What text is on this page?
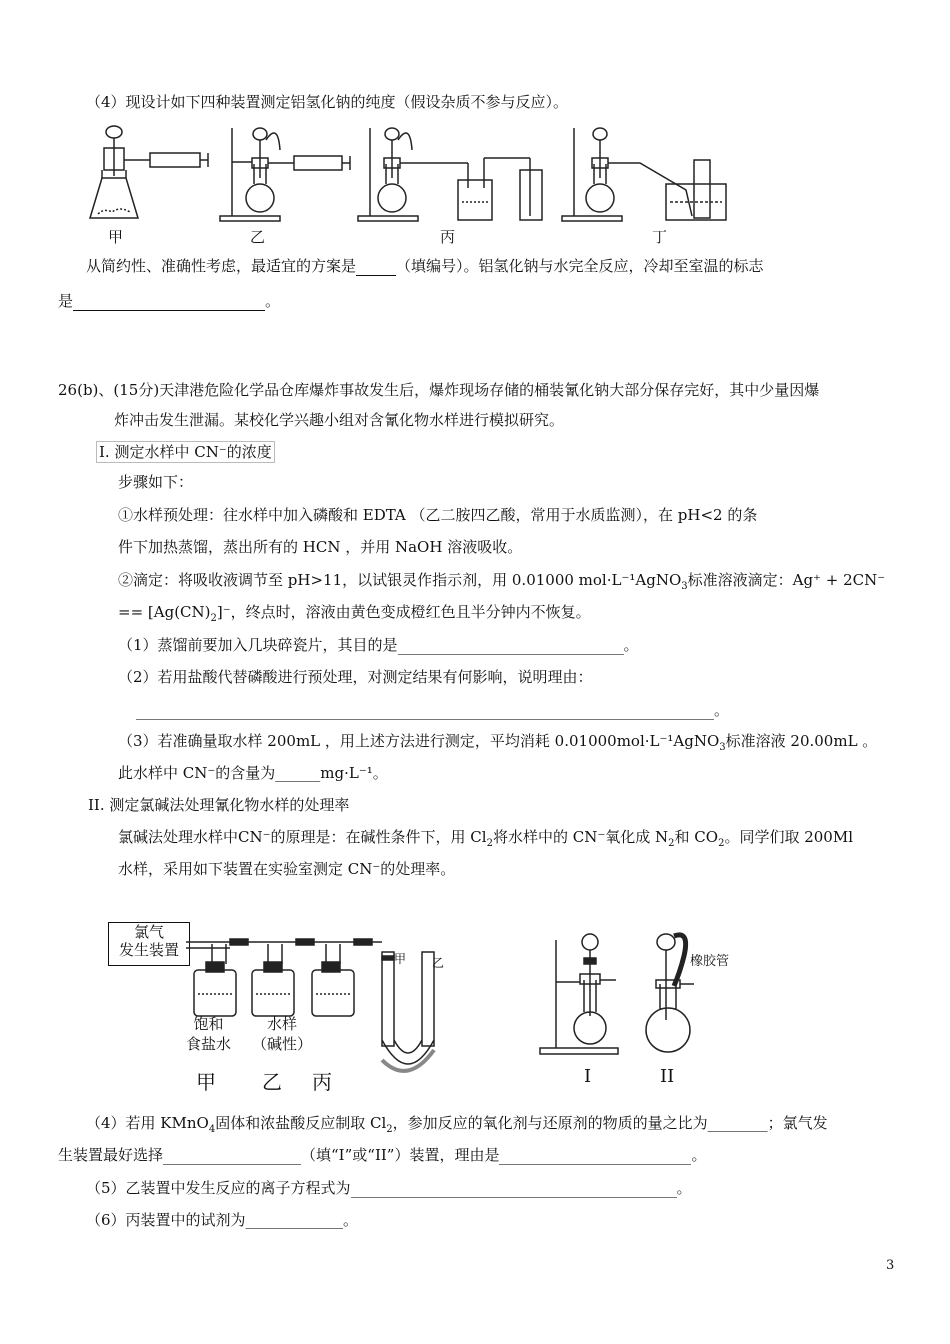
（4）现设计如下四种装置测定铝氢化钠的纯度（假设杂质不参与反应）。
甲	乙	丙	丁
从简约性、准确性考虑，最适宜的方案是	（填编号）。铝氢化钠与水完全反应，冷却至室温的标志
是	。
26(b)、(15分)天津港危险化学品仓库爆炸事故发生后，爆炸现场存储的桶装氰化钠大部分保存完好，其中少量因爆
炸冲击发生泄漏。某校化学兴趣小组对含氰化物水样进行模拟研究。
I. 测定水样中 CN⁻的浓度
步骤如下：
①水样预处理：往水样中加入磷酸和 EDTA （乙二胺四乙酸，常用于水质监测），在 pH<2 的条
件下加热蒸馏，蒸出所有的 HCN ，并用 NaOH 溶液吸收。
②滴定：将吸收液调节至 pH>11，以试银灵作指示剂，用 0.01000 mol·L⁻¹AgNO$_3$标准溶液滴定：Ag⁺ + 2CN⁻
== $[Ag(CN)_2]^-$，终点时，溶液由黄色变成橙红色且半分钟内不恢复。
（1）蒸馏前要加入几块碎瓷片，其目的是	。
（2）若用盐酸代替磷酸进行预处理，对测定结果有何影响，说明理由：
。
（3）若准确量取水样 200mL ，用上述方法进行测定，平均消耗 0.01000mol·L⁻¹AgNO$_3$标准溶液 20.00mL 。
此水样中 CN⁻的含量为______mg·L⁻¹。
II. 测定氯碱法处理氰化物水样的处理率
氯碱法处理水样中CN⁻的原理是：在碱性条件下，用 $Cl_2$将水样中的 CN⁻氧化成 $N_2$和 $CO_2$。同学们取 200Ml
水样，采用如下装置在实验室测定 CN⁻的处理率。
氯气
发生装置	甲 乙
饱和
食盐水
水样
（碱性）
甲 乙 丙
橡胶管
I	II
（4）若用 KMnO$_4$固体和浓盐酸反应制取 $Cl_2$，参加反应的氧化剂与还原剂的物质的量之比为________；氯气发
生装置最好选择	（填“I”或“II”）装置，理由是	。
（5）乙装置中发生反应的离子方程式为	。
（6）丙装置中的试剂为_____________。
3
